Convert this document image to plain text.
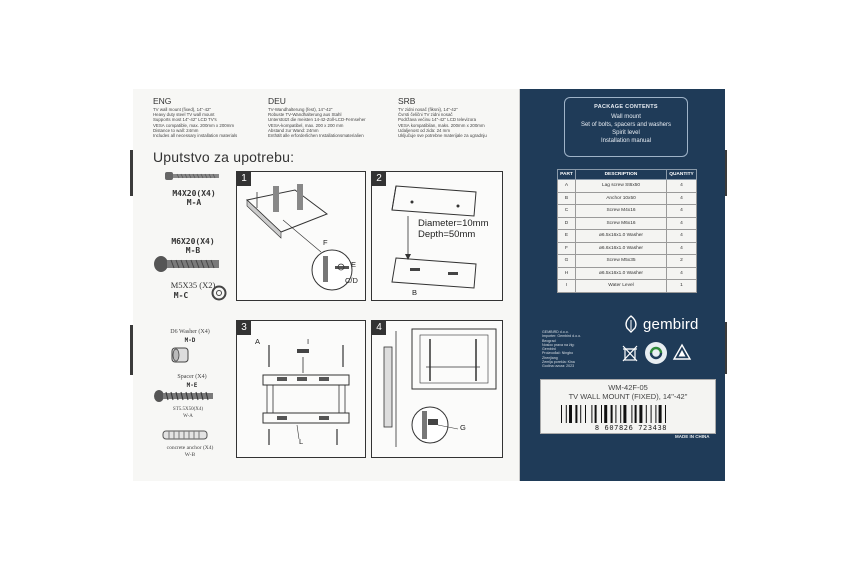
ENG
TV wall mount (fixed), 14"-42"
Heavy duty steel TV wall mount
Supports most 14"-42" LCD TV's
VESA compatible, max. 200mm x 200mm
Distance to wall: 24mm
Includes all necessary installation materials
DEU
TV-Wandhalterung (fest), 14"-42"
Robuste TV-Wandhalterung aus Stahl
Unterstützt die meisten 14-42-Zoll-LCD-Fernseher
VESA-kompatibel, max. 200 x 200 mm
Abstand zur Wand: 24mm
Enthält alle erforderlichen Installationsmaterialien
SRB
TV zidni nosač (fiksni), 14"-42"
Čvrsti čelični TV zidni nosač
Podržava većinu 14"-42" LCD televizora
VESA kompatibilan, maks. 200mm x 200mm
Udaljenost od zida: 24 mm
Uključuje sve potrebne materijale za ugradnju
Uputstvo za upotrebu:
M4X20(X4)
M-A
M6X20(X4)
M-B
M5X35 (X2)
M-C
D6 Washer (X4)
M-D
Spacer (X4)
M-E
ST5.5X50(X4)
W-A
concrete anchor (X4)
W-B
1
F
E
C/D
2
Diameter=10mm
Depth=50mm
B
3
A	I
L
4
G
PACKAGE CONTENTS
Wall mount
Set of bolts, spacers and washers
Spirit level
Installation manual
PART	DESCRIPTION	QUANTITY
A	Lag screw St6x50	4
B	Anchor 10x50	4
C	Screw M4x16	4
D	Screw M6x16	4
E	ø6.5x16x1.0 Washer	4
F	ø6.6x16x1.0 Washer	4
G	Screw M5x35	2
H	ø6.5x16x1.0 Washer	4
I	Water Level	1
gembird
GEMBIRD d.o.o.
Importer: Gembird d.o.o. Beograd
Nosioc prava na žig: Gembird
Proizvođač: Ningbo Zhenjiang
Zemlja porekla: Kina
Godina uvoza: 2023
WM-42F-05
TV WALL MOUNT (FIXED), 14"-42"
8 607826 723438
MADE IN CHINA
